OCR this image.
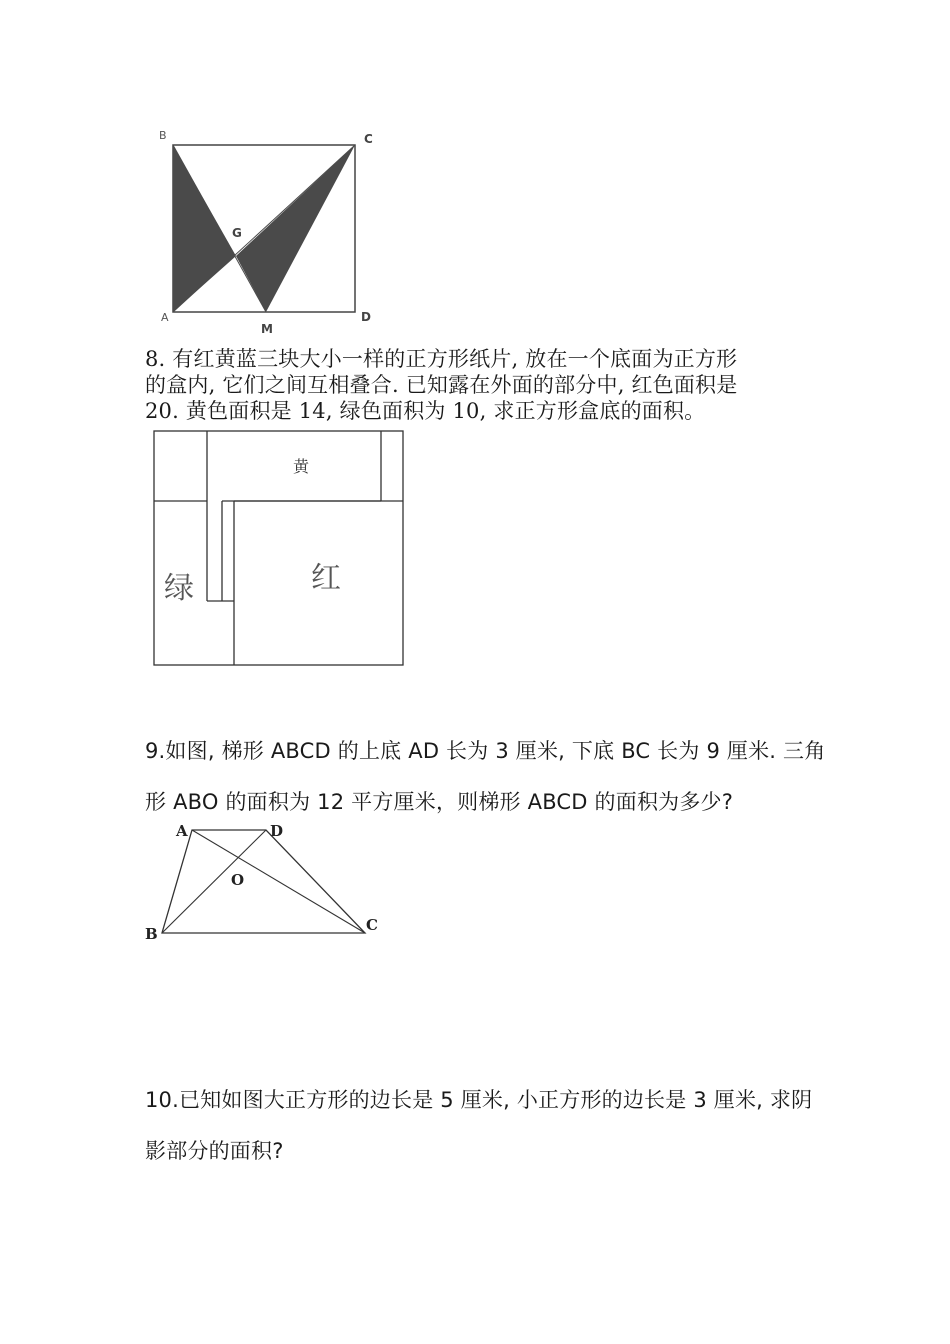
B	C
G
A
M
D
8. 有红黄蓝三块大小一样的正方形纸片, 放在一个底面为正方形
的盒内, 它们之间互相叠合. 已知露在外面的部分中, 红色面积是
20. 黄色面积是 14, 绿色面积为 10, 求正方形盒底的面积。
黄
绿	红
9.如图, 梯形 ABCD 的上底 AD 长为 3 厘米, 下底 BC 长为 9 厘米. 三角
形 ABO 的面积为 12 平方厘米，则梯形 ABCD 的面积为多少?
A	D
O
B	C
10.已知如图大正方形的边长是 5 厘米, 小正方形的边长是 3 厘米, 求阴
影部分的面积?
